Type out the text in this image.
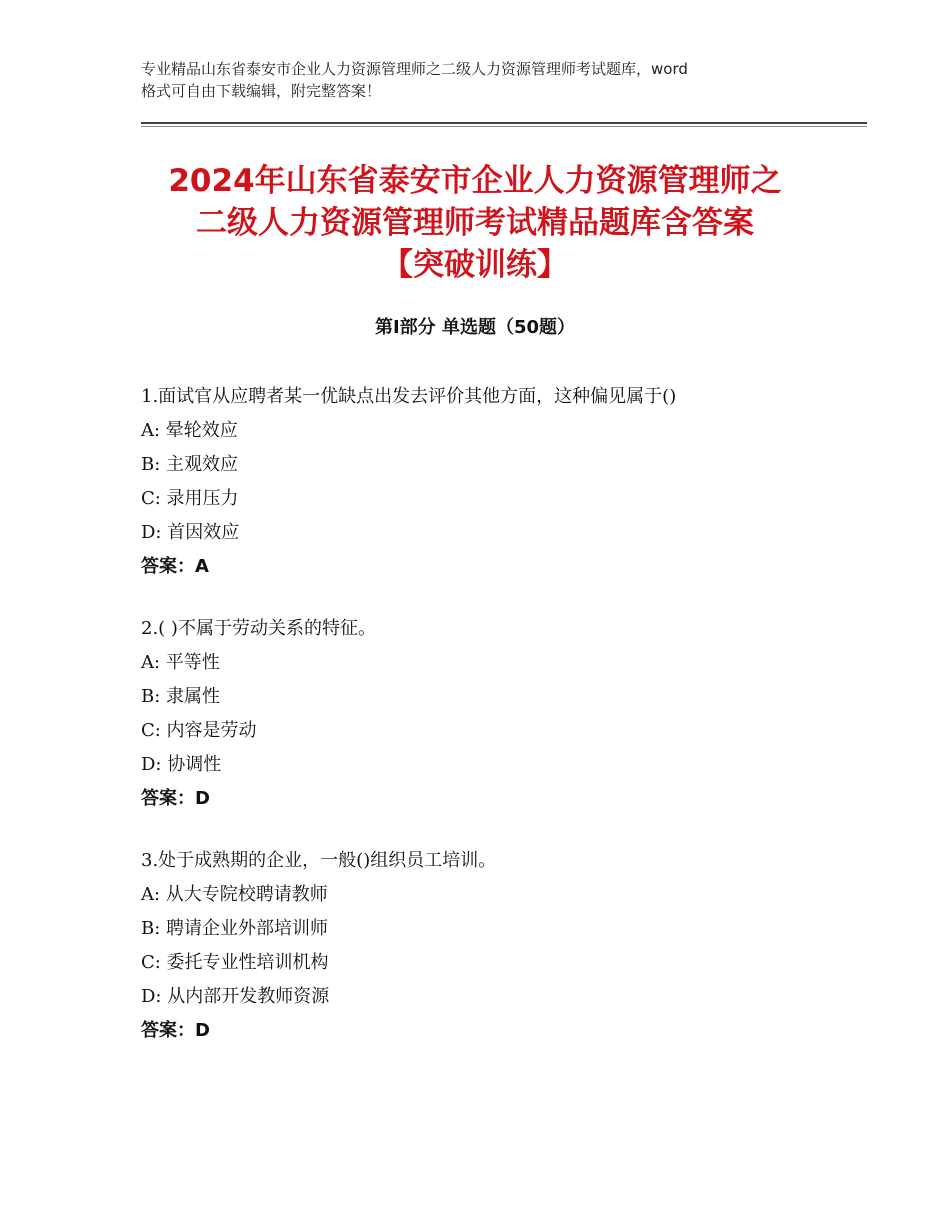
专业精品山东省泰安市企业人力资源管理师之二级人力资源管理师考试题库，word
格式可自由下载编辑，附完整答案！
2024年山东省泰安市企业人力资源管理师之
二级人力资源管理师考试精品题库含答案
【突破训练】
第Ⅰ部分 单选题（50题）
1.面试官从应聘者某一优缺点出发去评价其他方面，这种偏见属于()
A: 晕轮效应
B: 主观效应
C: 录用压力
D: 首因效应
答案：A
2.( )不属于劳动关系的特征。
A: 平等性
B: 隶属性
C: 内容是劳动
D: 协调性
答案：D
3.处于成熟期的企业，一般()组织员工培训。
A: 从大专院校聘请教师
B: 聘请企业外部培训师
C: 委托专业性培训机构
D: 从内部开发教师资源
答案：D
